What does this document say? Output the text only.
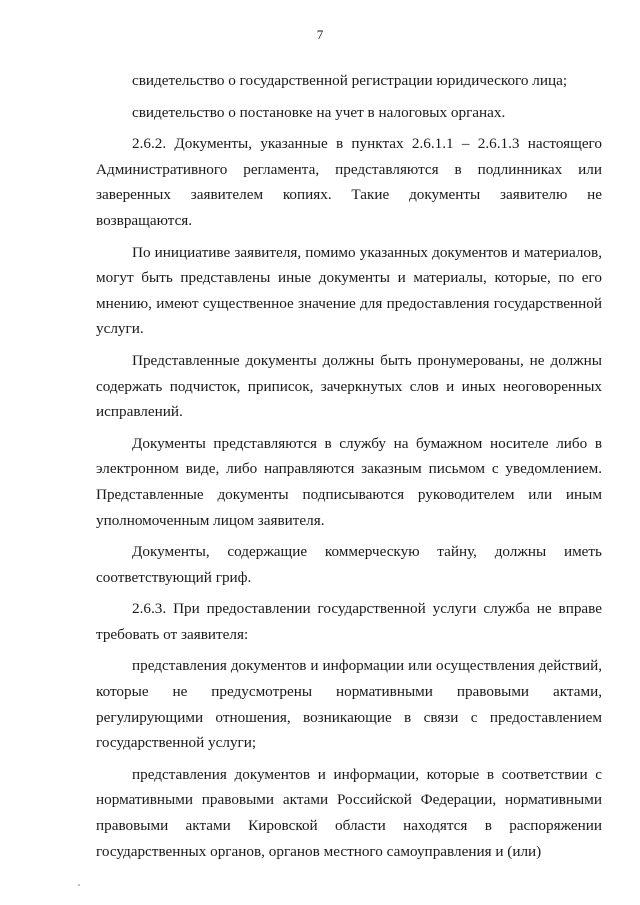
7

свидетельство о государственной регистрации юридического лица;

свидетельство о постановке на учет в налоговых органах.

2.6.2. Документы, указанные в пунктах 2.6.1.1 – 2.6.1.3 настоящего Административного регламента, представляются в подлинниках или заверенных заявителем копиях. Такие документы заявителю не возвращаются.

По инициативе заявителя, помимо указанных документов и материалов, могут быть представлены иные документы и материалы, которые, по его мнению, имеют существенное значение для предоставления государственной услуги.

Представленные документы должны быть пронумерованы, не должны содержать подчисток, приписок, зачеркнутых слов и иных неоговоренных исправлений.

Документы представляются в службу на бумажном носителе либо в электронном виде, либо направляются заказным письмом с уведомлением. Представленные документы подписываются руководителем или иным уполномоченным лицом заявителя.

Документы, содержащие коммерческую тайну, должны иметь соответствующий гриф.

2.6.3. При предоставлении государственной услуги служба не вправе требовать от заявителя:

представления документов и информации или осуществления действий, которые не предусмотрены нормативными правовыми актами, регулирующими отношения, возникающие в связи с предоставлением государственной услуги;

представления документов и информации, которые в соответствии с нормативными правовыми актами Российской Федерации, нормативными правовыми актами Кировской области находятся в распоряжении государственных органов, органов местного самоуправления и (или)
